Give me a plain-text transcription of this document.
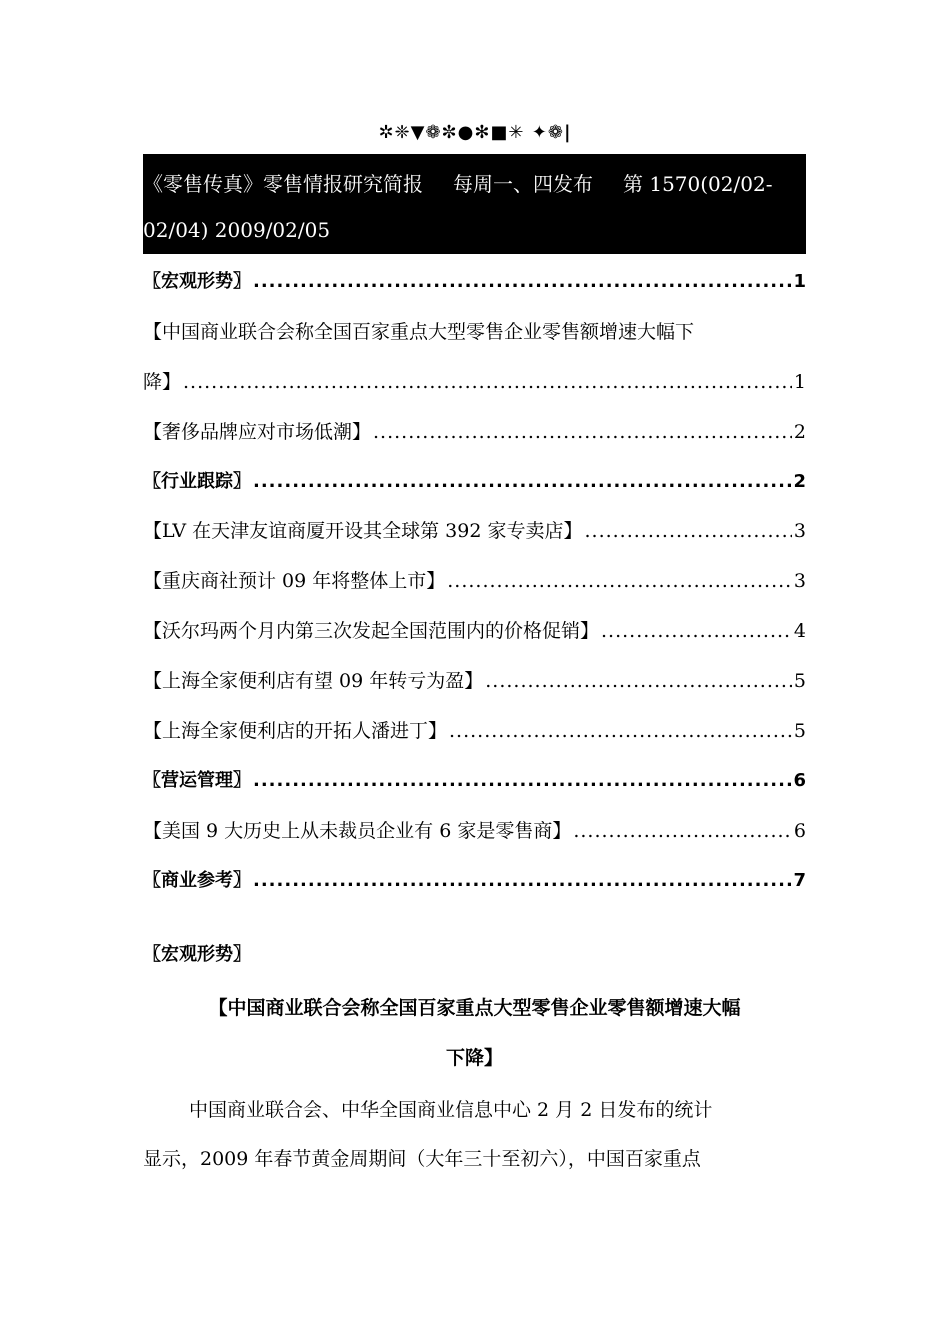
✲❈▼❁✼●✻■✳ ✦❁|
《零售传真》零售情报研究简报 每周一、四发布 第 1570(02/02-
02/04) 2009/02/05
〖宏观形势〗 .....	1
【中国商业联合会称全国百家重点大型零售企业零售额增速大幅下
降】 .....	1
【奢侈品牌应对市场低潮】 .....	2
〖行业跟踪〗 .....	2
【LV 在天津友谊商厦开设其全球第 392 家专卖店】 .....	3
【重庆商社预计 09 年将整体上市】 .....	3
【沃尔玛两个月内第三次发起全国范围内的价格促销】 .....	4
【上海全家便利店有望 09 年转亏为盈】 .....	5
【上海全家便利店的开拓人潘进丁】 .....	5
〖营运管理〗 .....	6
【美国 9 大历史上从未裁员企业有 6 家是零售商】 .....	6
〖商业参考〗 .....	7
〖宏观形势〗
【中国商业联合会称全国百家重点大型零售企业零售额增速大幅
下降】
中国商业联合会、中华全国商业信息中心 2 月 2 日发布的统计
显示，2009 年春节黄金周期间（大年三十至初六），中国百家重点
